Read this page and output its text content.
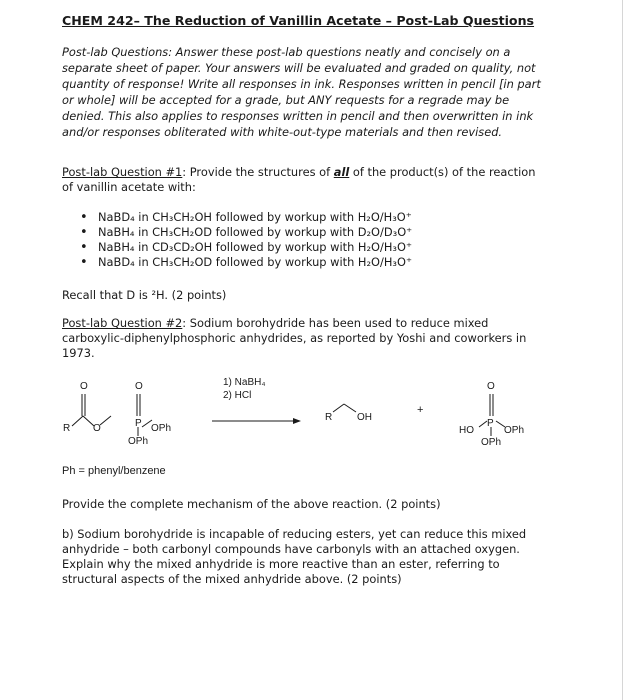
CHEM 242– The Reduction of Vanillin Acetate – Post-Lab Questions
Post-lab Questions: Answer these post-lab questions neatly and concisely on a separate sheet of paper. Your answers will be evaluated and graded on quality, not quantity of response! Write all responses in ink. Responses written in pencil [in part or whole] will be accepted for a grade, but ANY requests for a regrade may be denied. This also applies to responses written in pencil and then overwritten in ink and/or responses obliterated with white-out-type materials and then revised.
Post-lab Question #1: Provide the structures of all of the product(s) of the reaction of vanillin acetate with:
• NaBD₄ in CH₃CH₂OH followed by workup with H₂O/H₃O⁺
• NaBH₄ in CH₃CH₂OD followed by workup with D₂O/D₃O⁺
• NaBH₄ in CD₃CD₂OH followed by workup with H₂O/H₃O⁺
• NaBD₄ in CH₃CH₂OD followed by workup with H₂O/H₃O⁺
Recall that D is ²H. (2 points)
Post-lab Question #2: Sodium borohydride has been used to reduce mixed carboxylic-diphenylphosphoric anhydrides, as reported by Yoshi and coworkers in 1973.
O
R O
O
P OPh
OPh
1) NaBH₄
2) HCl
R OH
+
O
P
HO	OPh
OPh
Ph = phenyl/benzene
Provide the complete mechanism of the above reaction. (2 points)
b) Sodium borohydride is incapable of reducing esters, yet can reduce this mixed anhydride – both carbonyl compounds have carbonyls with an attached oxygen. Explain why the mixed anhydride is more reactive than an ester, referring to structural aspects of the mixed anhydride above. (2 points)
